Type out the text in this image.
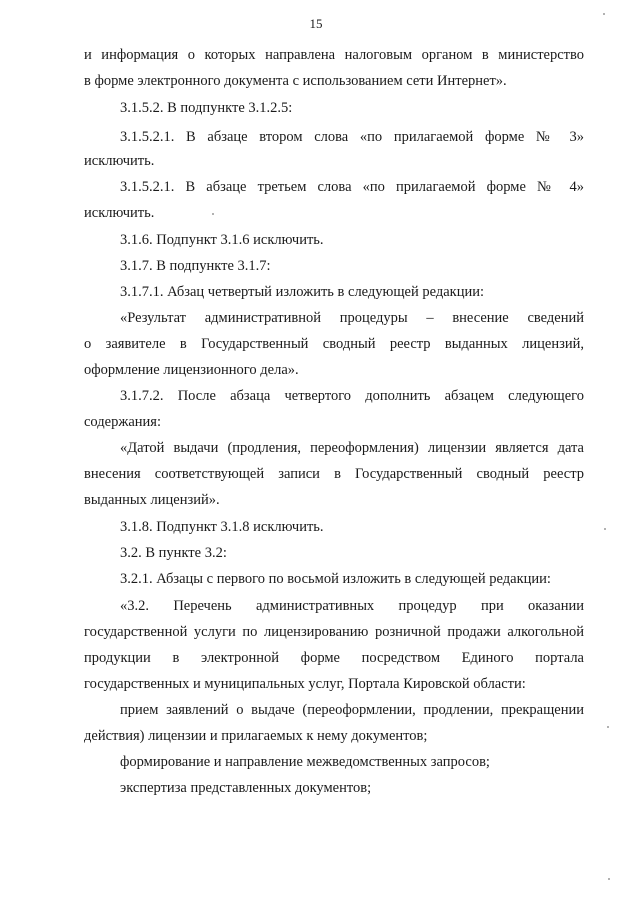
15
и информация о которых направлена налоговым органом в министерство
в форме электронного документа с использованием сети Интернет».
3.1.5.2. В подпункте 3.1.2.5:
3.1.5.2.1. В абзаце втором слова «по прилагаемой форме № 3»
исключить.
3.1.5.2.1. В абзаце третьем слова «по прилагаемой форме № 4»
исключить.
3.1.6. Подпункт 3.1.6 исключить.
3.1.7. В подпункте 3.1.7:
3.1.7.1. Абзац четвертый изложить в следующей редакции:
«Результат административной процедуры – внесение сведений
о заявителе в Государственный сводный реестр выданных лицензий,
оформление лицензионного дела».
3.1.7.2. После абзаца четвертого дополнить абзацем следующего
содержания:
«Датой выдачи (продления, переоформления) лицензии является дата
внесения соответствующей записи в Государственный сводный реестр
выданных лицензий».
3.1.8. Подпункт 3.1.8 исключить.
3.2. В пункте 3.2:
3.2.1. Абзацы с первого по восьмой изложить в следующей редакции:
«3.2. Перечень административных процедур при оказании
государственной услуги по лицензированию розничной продажи алкогольной
продукции в электронной форме посредством Единого портала
государственных и муниципальных услуг, Портала Кировской области:
прием заявлений о выдаче (переоформлении, продлении, прекращении
действия) лицензии и прилагаемых к нему документов;
формирование и направление межведомственных запросов;
экспертиза представленных документов;
